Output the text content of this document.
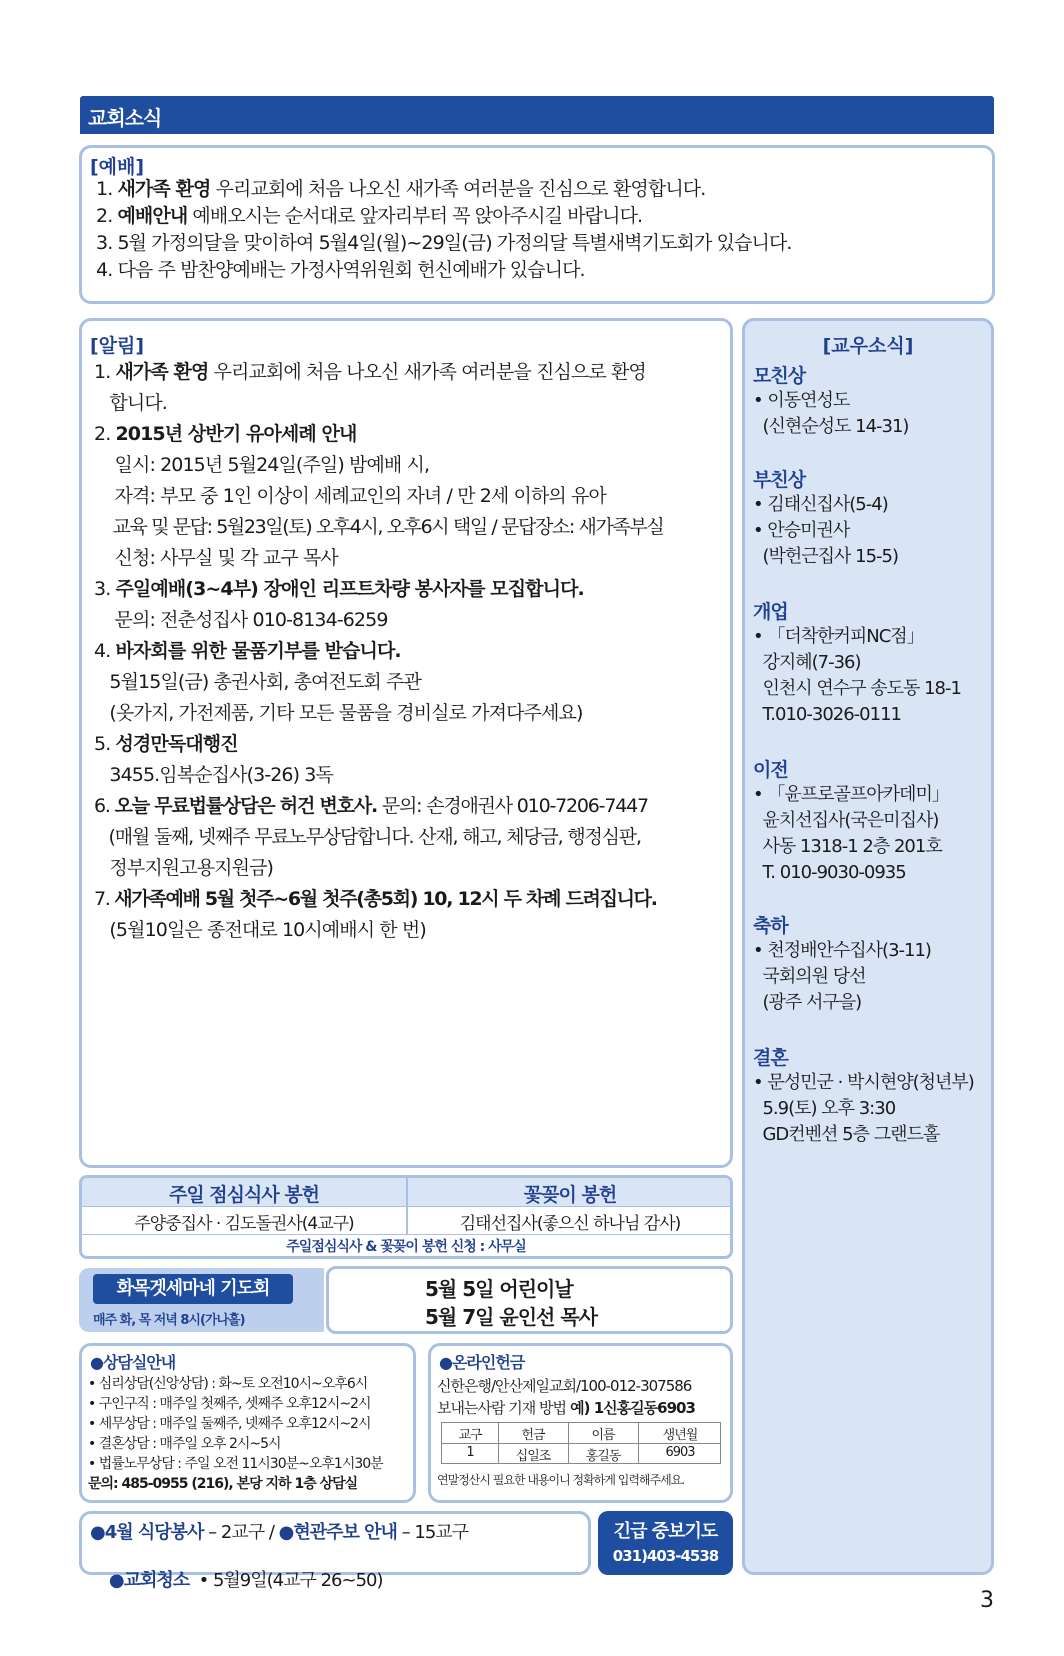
교회소식
[예배]
1. 새가족 환영 우리교회에 처음 나오신 새가족 여러분을 진심으로 환영합니다.
2. 예배안내 예배오시는 순서대로 앞자리부터 꼭 앉아주시길 바랍니다.
3. 5월 가정의달을 맞이하여 5월4일(월)~29일(금) 가정의달 특별새벽기도회가 있습니다.
4. 다음 주 밤찬양예배는 가정사역위원회 헌신예배가 있습니다.
[알림]
1. 새가족 환영 우리교회에 처음 나오신 새가족 여러분을 진심으로 환영
합니다.
2. 2015년 상반기 유아세례 안내
일시: 2015년 5월24일(주일) 밤예배 시,
자격: 부모 중 1인 이상이 세례교인의 자녀 / 만 2세 이하의 유아
교육 및 문답: 5월23일(토) 오후4시, 오후6시 택일 / 문답장소: 새가족부실
신청: 사무실 및 각 교구 목사
3. 주일예배(3~4부) 장애인 리프트차량 봉사자를 모집합니다.
문의: 전춘성집사 010-8134-6259
4. 바자회를 위한 물품기부를 받습니다.
5월15일(금) 총권사회, 총여전도회 주관
(옷가지, 가전제품, 기타 모든 물품을 경비실로 가져다주세요)
5. 성경만독대행진
3455.임복순집사(3-26) 3독
6. 오늘 무료법률상담은 허건 변호사. 문의: 손경애권사 010-7206-7447
(매월 둘째, 넷째주 무료노무상담합니다. 산재, 해고, 체당금, 행정심판,
정부지원고용지원금)
7. 새가족예배 5월 첫주~6월 첫주(총5회) 10, 12시 두 차례 드려집니다.
(5월10일은 종전대로 10시예배시 한 번)
[교우소식]
모친상
• 이동연성도
(신현순성도 14-31)
부친상
• 김태신집사(5-4)
• 안승미권사
(박헌근집사 15-5)
개업
• 「더착한커피NC점」
강지혜(7-36)
인천시 연수구 송도동 18-1
T.010-3026-0111
이전
• 「윤프로골프아카데미」
윤치선집사(국은미집사)
사동 1318-1 2층 201호
T. 010-9030-0935
축하
• 천정배안수집사(3-11)
국회의원 당선
(광주 서구을)
결혼
• 문성민군 · 박시현양(청년부)
5.9(토) 오후 3:30
GD컨벤션 5층 그랜드홀
주일 점심식사 봉헌	꽃꽂이 봉헌
주양중집사 · 김도돌권사(4교구)	김태선집사(좋으신 하나님 감사)
주일점심식사 & 꽃꽂이 봉헌 신청 : 사무실
화목겟세마네 기도회
매주 화, 목 저녁 8시(가나홀)
5월 5일 어린이날
5월 7일 윤인선 목사
●상담실안내
• 심리상담(신앙상담) : 화~토 오전10시~오후6시
• 구인구직 : 매주일 첫째주, 셋째주 오후12시~2시
• 세무상담 : 매주일 둘째주, 넷째주 오후12시~2시
• 결혼상담 : 매주일 오후 2시~5시
• 법률노무상담 : 주일 오전 11시30분~오후1시30분
문의: 485-0955 (216), 본당 지하 1층 상담실
●온라인헌금
신한은행/안산제일교회/100-012-307586
보내는사람 기재 방법 예) 1신홍길동6903
교구	헌금	이름	생년월
1	십일조	홍길동	6903
연말정산시 필요한 내용이니 정확하게 입력해주세요.
●4월 식당봉사 – 2교구 / ●현관주보 안내 – 15교구

●교회청소  • 5월9일(4교구 26~50)

긴급 중보기도
031)403-4538
3
